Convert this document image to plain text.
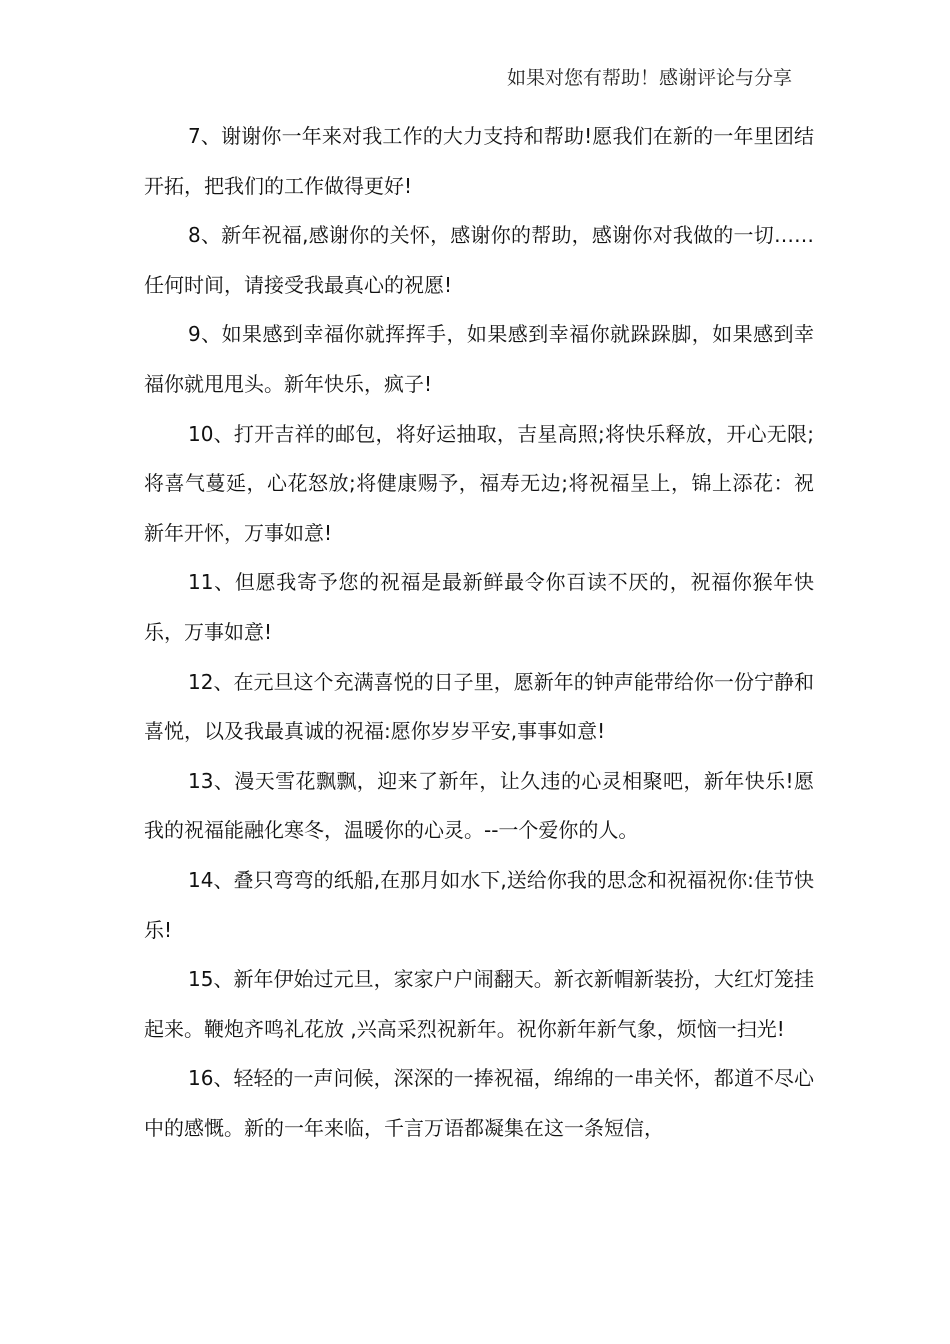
如果对您有帮助！感谢评论与分享

7、谢谢你一年来对我工作的大力支持和帮助!愿我们在新的一年里团结开拓，把我们的工作做得更好!

8、新年祝福,感谢你的关怀，感谢你的帮助，感谢你对我做的一切……任何时间，请接受我最真心的祝愿!

9、如果感到幸福你就挥挥手，如果感到幸福你就跺跺脚，如果感到幸福你就甩甩头。新年快乐，疯子!

10、打开吉祥的邮包，将好运抽取，吉星高照;将快乐释放，开心无限;将喜气蔓延，心花怒放;将健康赐予，福寿无边;将祝福呈上，锦上添花：祝新年开怀，万事如意!

11、但愿我寄予您的祝福是最新鲜最令你百读不厌的，祝福你猴年快乐，万事如意!

12、在元旦这个充满喜悦的日子里，愿新年的钟声能带给你一份宁静和喜悦，以及我最真诚的祝福:愿你岁岁平安,事事如意!

13、漫天雪花飘飘，迎来了新年，让久违的心灵相聚吧，新年快乐!愿我的祝福能融化寒冬，温暖你的心灵。--一个爱你的人。

14、叠只弯弯的纸船,在那月如水下,送给你我的思念和祝福祝你:佳节快乐!

15、新年伊始过元旦，家家户户闹翻天。新衣新帽新装扮，大红灯笼挂起来。鞭炮齐鸣礼花放 ,兴高采烈祝新年。祝你新年新气象，烦恼一扫光!

16、轻轻的一声问候，深深的一捧祝福，绵绵的一串关怀，都道不尽心中的感慨。新的一年来临，千言万语都凝集在这一条短信，
